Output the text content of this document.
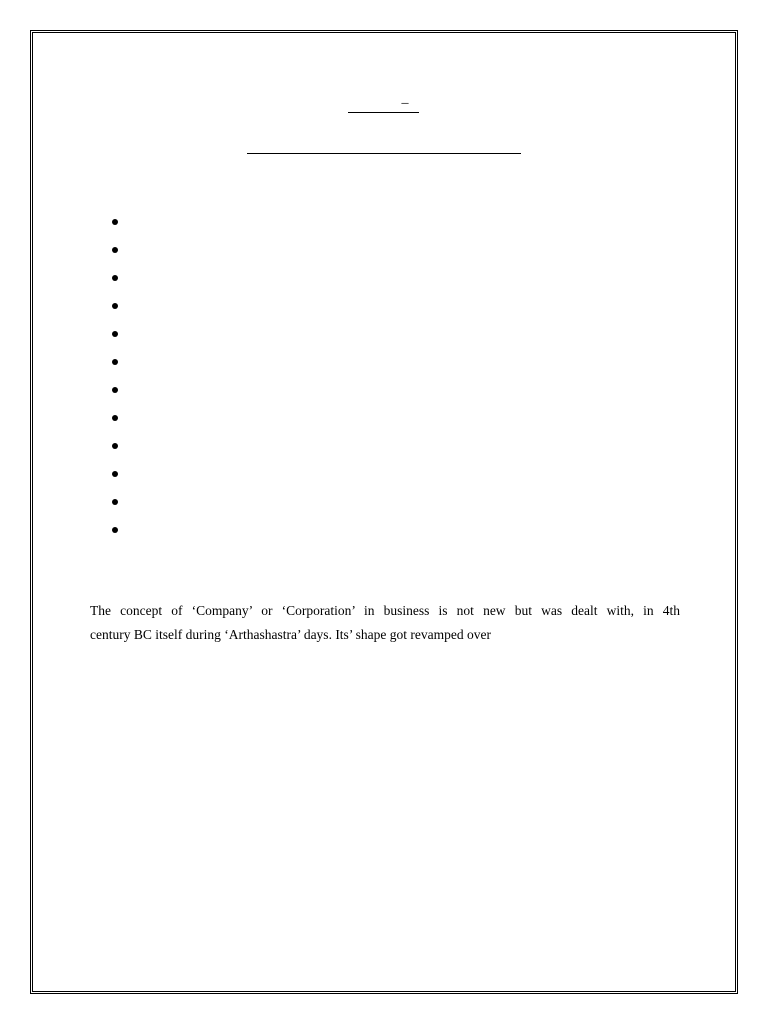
_

The concept of ‘Company’ or ‘Corporation’ in business is not new but was dealt with, in 4th
century BC itself during ‘Arthashastra’ days. Its’ shape got revamped over
